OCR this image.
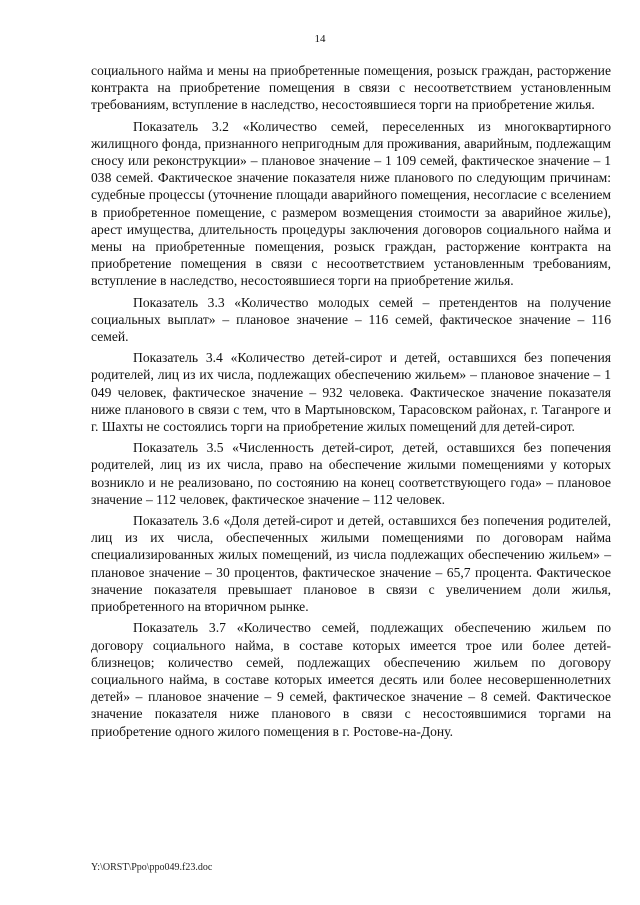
14

социального найма и мены на приобретенные помещения, розыск граждан, расторжение контракта на приобретение помещения в связи с несоответствием установленным требованиям, вступление в наследство, несостоявшиеся торги на приобретение жилья.

Показатель 3.2 «Количество семей, переселенных из многоквартирного жилищного фонда, признанного непригодным для проживания, аварийным, подлежащим сносу или реконструкции» – плановое значение – 1 109 семей, фактическое значение – 1 038 семей. Фактическое значение показателя ниже планового по следующим причинам: судебные процессы (уточнение площади аварийного помещения, несогласие с вселением в приобретенное помещение, с размером возмещения стоимости за аварийное жилье), арест имущества, длительность процедуры заключения договоров социального найма и мены на приобретенные помещения, розыск граждан, расторжение контракта на приобретение помещения в связи с несоответствием установленным требованиям, вступление в наследство, несостоявшиеся торги на приобретение жилья.

Показатель 3.3 «Количество молодых семей – претендентов на получение социальных выплат» – плановое значение – 116 семей, фактическое значение – 116 семей.

Показатель 3.4 «Количество детей-сирот и детей, оставшихся без попечения родителей, лиц из их числа, подлежащих обеспечению жильем» – плановое значение – 1 049 человек, фактическое значение – 932 человека. Фактическое значение показателя ниже планового в связи с тем, что в Мартыновском, Тарасовском районах, г. Таганроге и г. Шахты не состоялись торги на приобретение жилых помещений для детей-сирот.

Показатель 3.5 «Численность детей-сирот, детей, оставшихся без попечения родителей, лиц из их числа, право на обеспечение жилыми помещениями у которых возникло и не реализовано, по состоянию на конец соответствующего года» – плановое значение – 112 человек, фактическое значение – 112 человек.

Показатель 3.6 «Доля детей-сирот и детей, оставшихся без попечения родителей, лиц из их числа, обеспеченных жилыми помещениями по договорам найма специализированных жилых помещений, из числа подлежащих обеспечению жильем» – плановое значение – 30 процентов, фактическое значение – 65,7 процента. Фактическое значение показателя превышает плановое в связи с увеличением доли жилья, приобретенного на вторичном рынке.

Показатель 3.7 «Количество семей, подлежащих обеспечению жильем по договору социального найма, в составе которых имеется трое или более детей-близнецов; количество семей, подлежащих обеспечению жильем по договору социального найма, в составе которых имеется десять или более несовершеннолетних детей» – плановое значение – 9 семей, фактическое значение – 8 семей. Фактическое значение показателя ниже планового в связи с несостоявшимися торгами на приобретение одного жилого помещения в г. Ростове-на-Дону.

Y:\ORST\Ppo\ppo049.f23.doc
